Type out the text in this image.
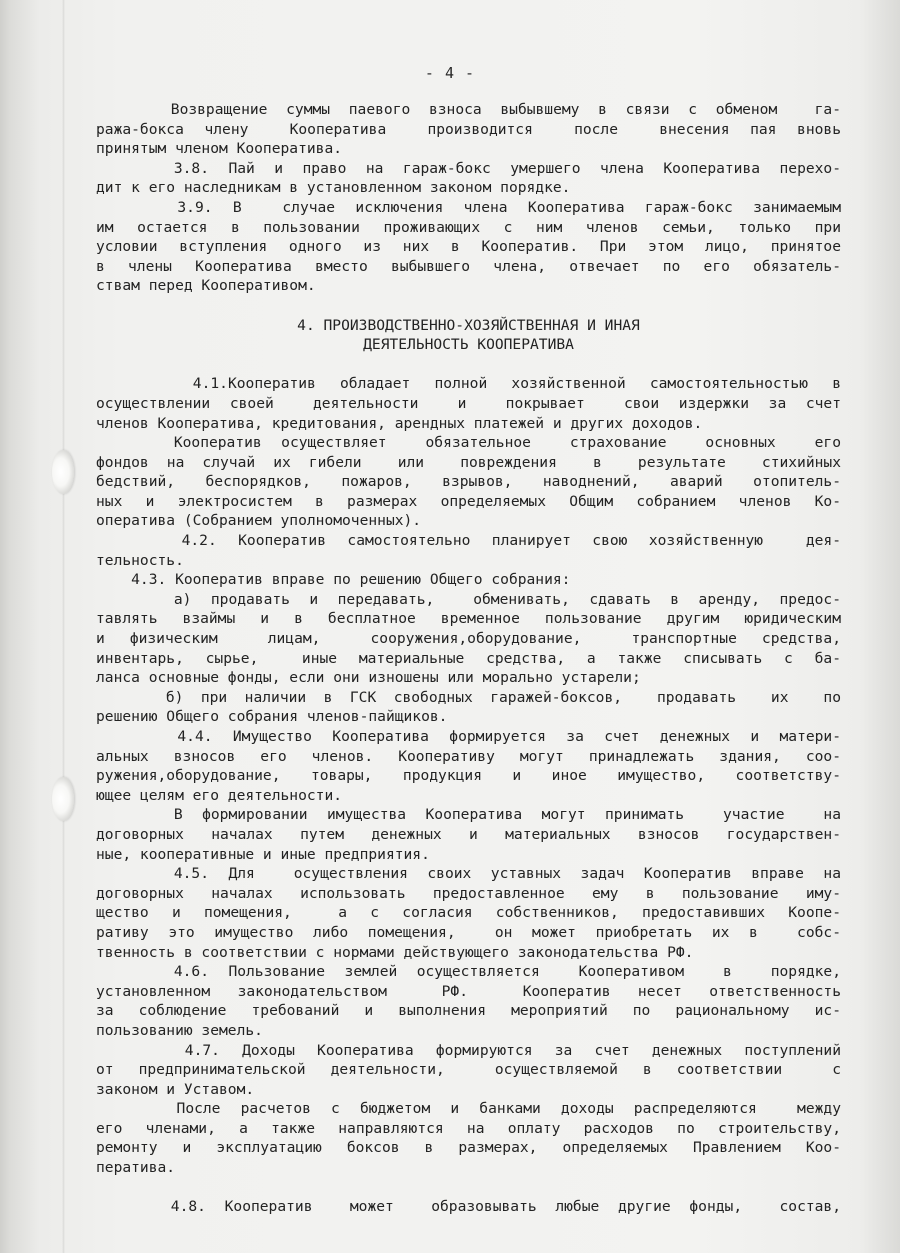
- 4 -
Возвращение суммы паевого взноса выбывшему в связи с обменом  га-
ража-бокса члену  Кооператива  производится  после  внесения пая вновь
принятым членом Кооператива.
3.8. Пай и право на гараж-бокс умершего члена Кооператива перехо-
дит к его наследникам в установленном законом порядке.
3.9. В  случае исключения члена Кооператива гараж-бокс занимаемым
им остается в пользовании проживающих с ним членов семьи, только при
условии вступления одного из них в Кооператив. При этом лицо, принятое
в члены Кооператива вместо выбывшего члена, отвечает по его обязатель-
ствам перед Кооперативом.
4. ПРОИЗВОДСТВЕННО-ХОЗЯЙСТВЕННАЯ И ИНАЯ
ДЕЯТЕЛЬНОСТЬ КООПЕРАТИВА
4.1.Кооператив обладает полной хозяйственной самостоятельностью в
осуществлении своей  деятельности  и  покрывает  свои издержки за счет
членов Кооператива, кредитования, арендных платежей и других доходов.
Кооператив осуществляет  обязательное  страхование  основных  его
фондов на случай их гибели  или  повреждения  в  результате  стихийных
бедствий, беспорядков, пожаров, взрывов, наводнений, аварий отопитель-
ных и электросистем в размерах определяемых Общим собранием членов Ко-
оператива (Собранием уполномоченных).
4.2. Кооператив самостоятельно планирует свою хозяйственную  дея-
тельность.
4.3. Кооператив вправе по решению Общего собрания:
а) продавать и передавать,  обменивать, сдавать в аренду, предос-
тавлять взаймы и в бесплатное временное пользование другим юридическим
и физическим  лицам,  сооружения,оборудование,  транспортные средства,
инвентарь, сырье,  иные материальные средства, а также списывать с ба-
ланса основные фонды, если они изношены или морально устарели;
б) при наличии в ГСК свободных гаражей-боксов,  продавать  их  по
решению Общего собрания членов-пайщиков.
4.4. Имущество Кооператива формируется за счет денежных и матери-
альных взносов его членов. Кооперативу могут принадлежать здания, соо-
ружения,оборудование, товары, продукция и иное имущество, соответству-
ющее целям его деятельности.
В формировании имущества Кооператива могут принимать  участие  на
договорных началах путем денежных и материальных взносов государствен-
ные, кооперативные и иные предприятия.
4.5. Для  осуществления своих уставных задач Кооператив вправе на
договорных началах использовать предоставленное ему в пользование иму-
щество и помещения,  а с согласия собственников, предоставивших Коопе-
ративу это имущество либо помещения,  он может приобретать их в  собс-
твенность в соответствии с нормами действующего законодательства РФ.
4.6. Пользование землей осуществляется  Кооперативом  в  порядке,
установленном законодательством  РФ.  Кооператив несет ответственность
за соблюдение требований и выполнения мероприятий по рациональному ис-
пользованию земель.
4.7. Доходы Кооператива формируются за счет денежных поступлений
от предпринимательской деятельности,  осуществляемой в соответствии  с
законом и Уставом.
После расчетов с бюджетом и банками доходы распределяются  между
его членами, а также направляются на оплату расходов по строительству,
ремонту и эксплуатацию боксов в размерах, определяемых Правлением Коо-
ператива.
4.8. Кооператив  может  образовывать любые другие фонды,  состав,
